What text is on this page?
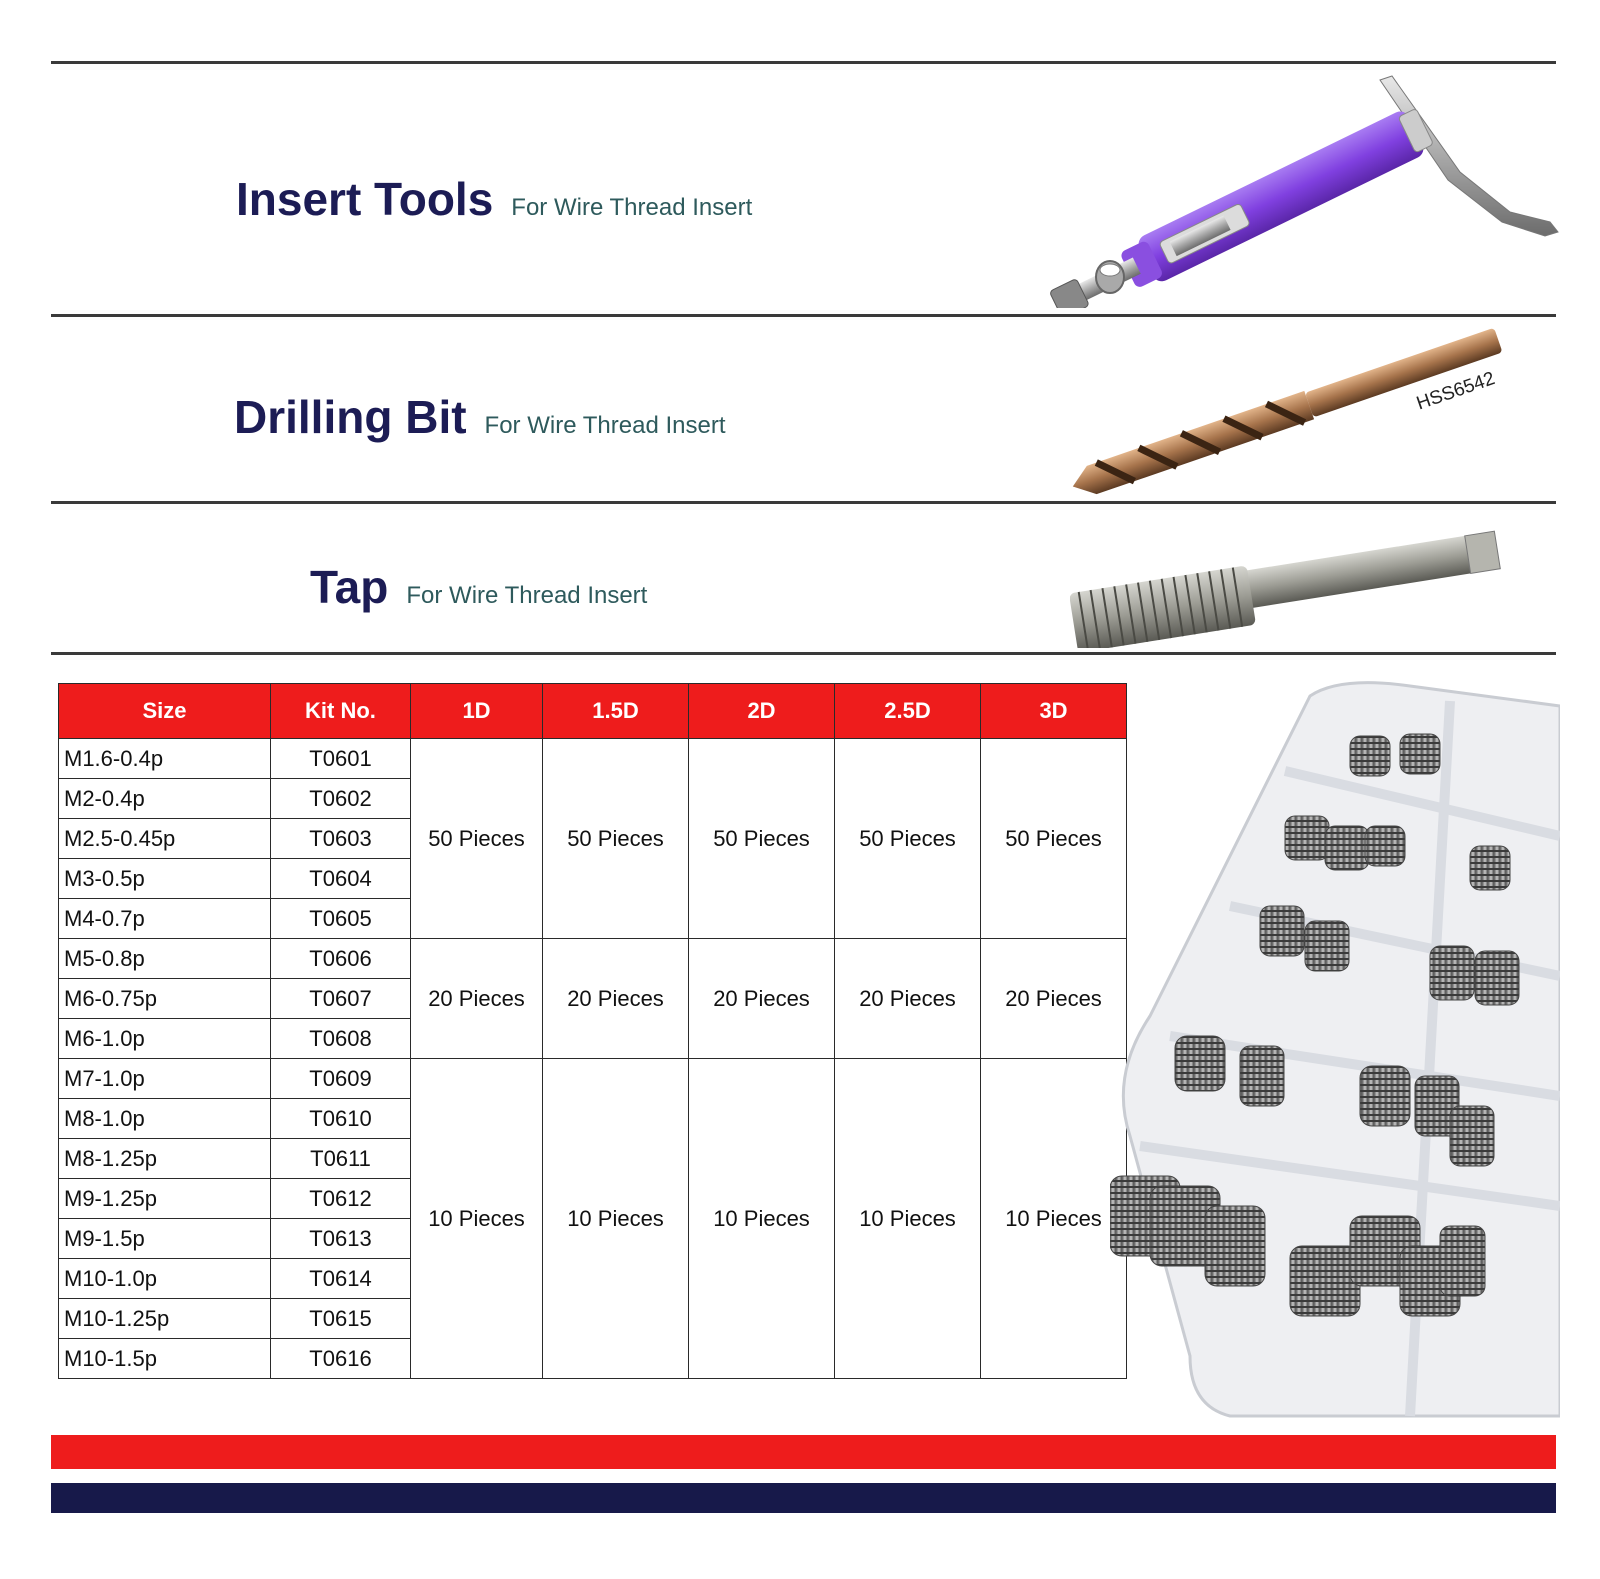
Insert Tools For Wire Thread Insert
Drilling Bit For Wire Thread Insert
HSS6542
Tap For Wire Thread Insert
Size	Kit No.	1D	1.5D	2D	2.5D	3D
M1.6-0.4p	T0601	50 Pieces	50 Pieces	50 Pieces	50 Pieces	50 Pieces
M2-0.4p	T0602					
M2.5-0.45p	T0603					
M3-0.5p	T0604					
M4-0.7p	T0605					
M5-0.8p	T0606	20 Pieces	20 Pieces	20 Pieces	20 Pieces	20 Pieces
M6-0.75p	T0607					
M6-1.0p	T0608					
M7-1.0p	T0609	10 Pieces	10 Pieces	10 Pieces	10 Pieces	10 Pieces
M8-1.0p	T0610					
M8-1.25p	T0611					
M9-1.25p	T0612					
M9-1.5p	T0613					
M10-1.0p	T0614					
M10-1.25p	T0615					
M10-1.5p	T0616					
